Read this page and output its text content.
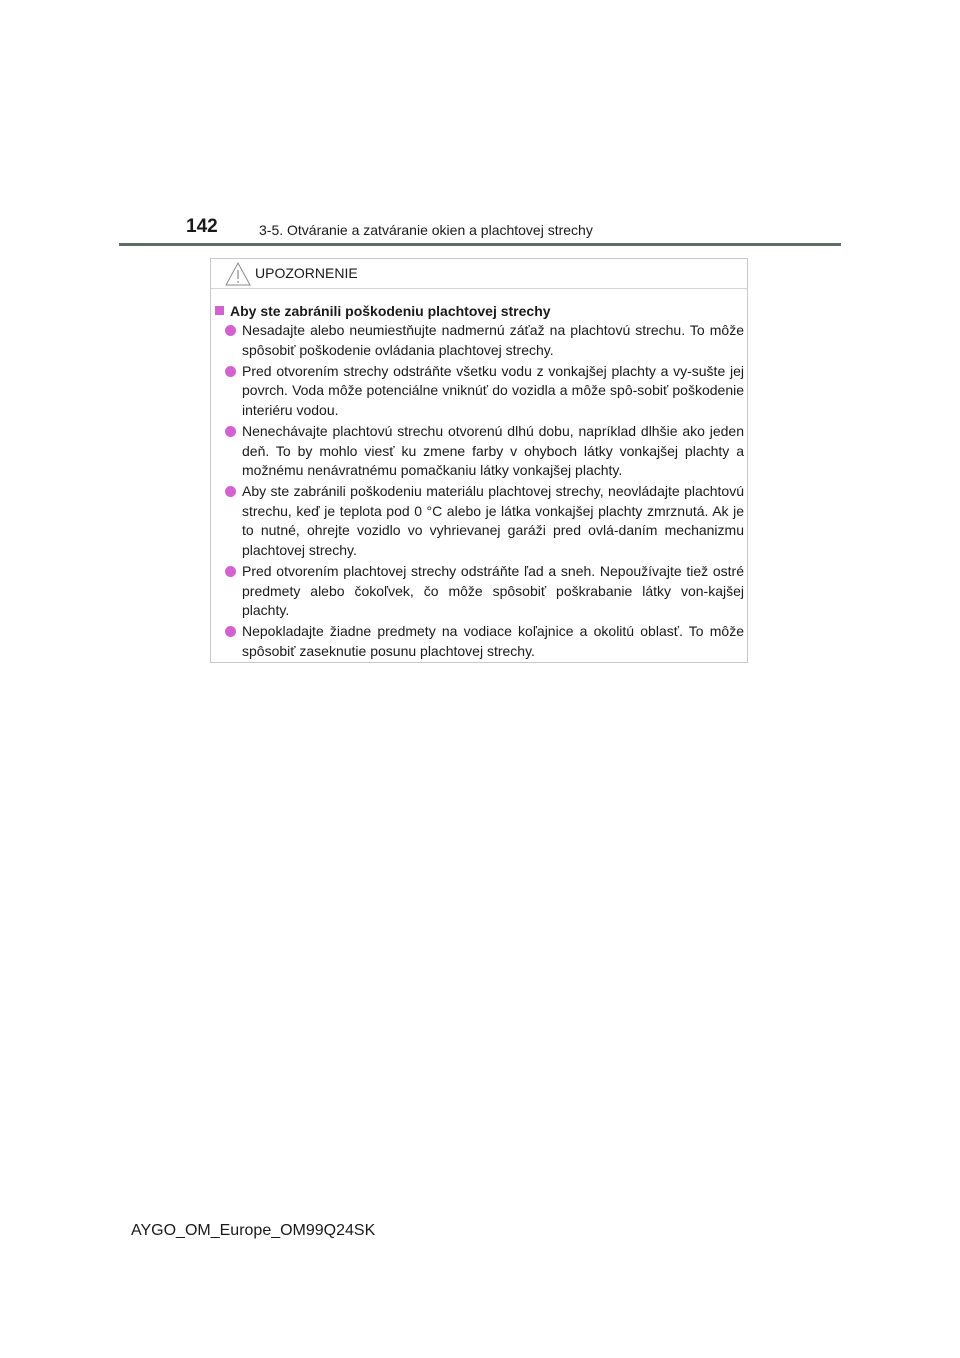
142	3-5. Otváranie a zatváranie okien a plachtovej strechy
UPOZORNENIE
Aby ste zabránili poškodeniu plachtovej strechy
Nesadajte alebo neumiestňujte nadmernú záťaž na plachtovú strechu. To môže spôsobiť poškodenie ovládania plachtovej strechy.
Pred otvorením strechy odstráňte všetku vodu z vonkajšej plachty a vy-sušte jej povrch. Voda môže potenciálne vniknúť do vozidla a môže spô-sobiť poškodenie interiéru vodou.
Nenechávajte plachtovú strechu otvorenú dlhú dobu, napríklad dlhšie ako jeden deň. To by mohlo viesť ku zmene farby v ohyboch látky vonkajšej plachty a možnému nenávratnému pomačkaniu látky vonkajšej plachty.
Aby ste zabránili poškodeniu materiálu plachtovej strechy, neovládajte plachtovú strechu, keď je teplota pod 0 °C alebo je látka vonkajšej plachty zmrznutá. Ak je to nutné, ohrejte vozidlo vo vyhrievanej garáži pred ovlá-daním mechanizmu plachtovej strechy.
Pred otvorením plachtovej strechy odstráňte ľad a sneh. Nepoužívajte tiež ostré predmety alebo čokoľvek, čo môže spôsobiť poškrabanie látky von-kajšej plachty.
Nepokladajte žiadne predmety na vodiace koľajnice a okolitú oblasť. To môže spôsobiť zaseknutie posunu plachtovej strechy.
AYGO_OM_Europe_OM99Q24SK
